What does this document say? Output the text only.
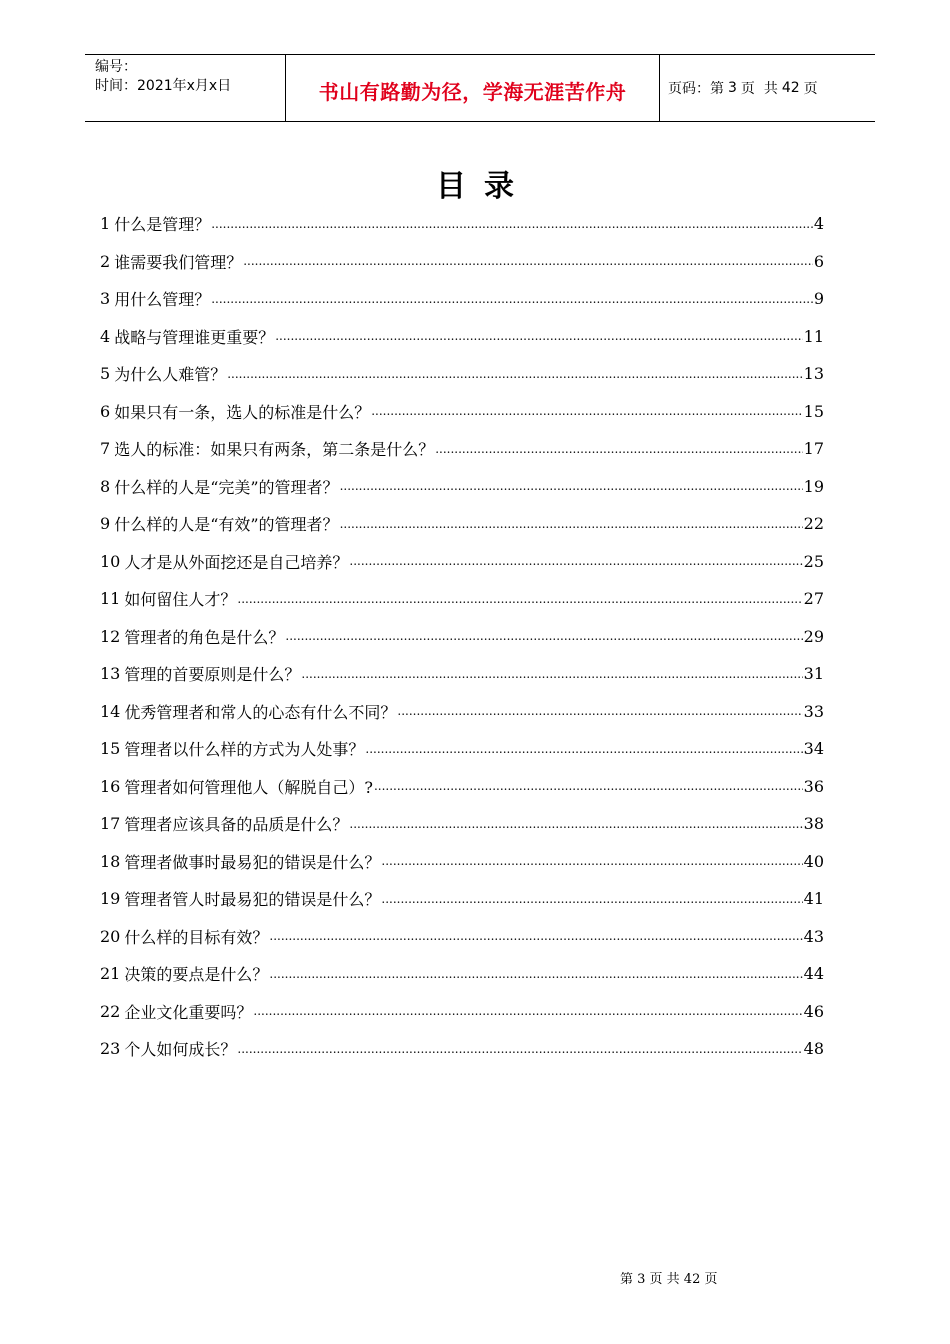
编号：
时间：2021年x月x日	书山有路勤为径，学海无涯苦作舟	页码：第 3 页  共 42 页
目录
1 什么是管理？ .....	4
2 谁需要我们管理？ .....	6
3 用什么管理？ .....	9
4 战略与管理谁更重要？ .....	11
5 为什么人难管？ .....	13
6 如果只有一条，选人的标准是什么？ .....	15
7 选人的标准：如果只有两条，第二条是什么？ .....	17
8 什么样的人是“完美”的管理者？ .....	19
9 什么样的人是“有效”的管理者？ .....	22
10 人才是从外面挖还是自己培养？ .....	25
11 如何留住人才？ .....	27
12 管理者的角色是什么？ .....	29
13 管理的首要原则是什么？ .....	31
14 优秀管理者和常人的心态有什么不同？ .....	33
15 管理者以什么样的方式为人处事？ .....	34
16 管理者如何管理他人（解脱自己）? .....	36
17 管理者应该具备的品质是什么？ .....	38
18 管理者做事时最易犯的错误是什么？ .....	40
19 管理者管人时最易犯的错误是什么？ .....	41
20 什么样的目标有效？ .....	43
21 决策的要点是什么？ .....	44
22 企业文化重要吗？ .....	46
23 个人如何成长？ .....	48
第 3 页 共 42 页
